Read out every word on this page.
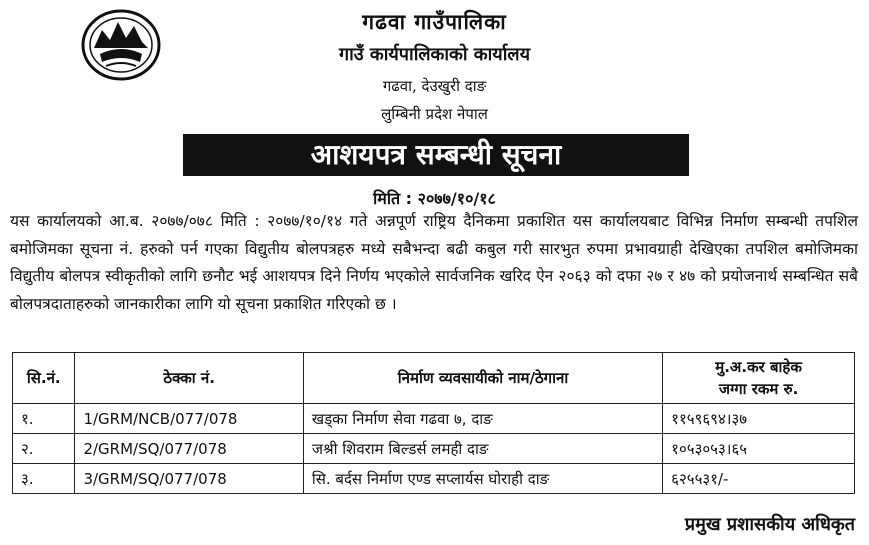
गढवा गाउँपालिका
गाउँ कार्यपालिकाको कार्यालय
गढवा, देउखुरी दाङ
लुम्बिनी प्रदेश नेपाल
आशयपत्र सम्बन्धी सूचना
मिति : २०७७/१०/१८
यस कार्यालयको आ.ब. २०७७/०७८ मिति : २०७७/१०/१४ गते अन्नपूर्ण राष्ट्रिय दैनिकमा प्रकाशित यस कार्यालयबाट विभिन्न निर्माण सम्बन्धी तपशिल बमोजिमका सूचना नं. हरुको पर्न गएका विद्युतीय बोलपत्रहरु मध्ये सबैभन्दा बढी कबुल गरी सारभुत रुपमा प्रभावग्राही देखिएका तपशिल बमोजिमका विद्युतीय बोलपत्र स्वीकृतीको लागि छनौट भई आशयपत्र दिने निर्णय भएकोले सार्वजनिक खरिद ऐन २०६३ को दफा २७ र ४७ को प्रयोजनार्थ सम्बन्धित सबै बोलपत्रदाताहरुको जानकारीका लागि यो सूचना प्रकाशित गरिएको छ ।
सि.नं.	ठेक्का नं.	निर्माण व्यवसायीको नाम/ठेगाना	मु.अ.कर बाहेक
जग्गा रकम रु.

१.	1/GRM/NCB/077/078	खड्का निर्माण सेवा गढवा ७, दाङ	११५९६९४।३७
२.	2/GRM/SQ/077/078	जश्री शिवराम बिल्डर्स लमही दाङ	१०५३०५३।६५
३.	3/GRM/SQ/077/078	सि. बर्दस निर्माण एण्ड सप्लार्यस घोराही दाङ	६२५५३१/-
प्रमुख प्रशासकीय अधिकृत
